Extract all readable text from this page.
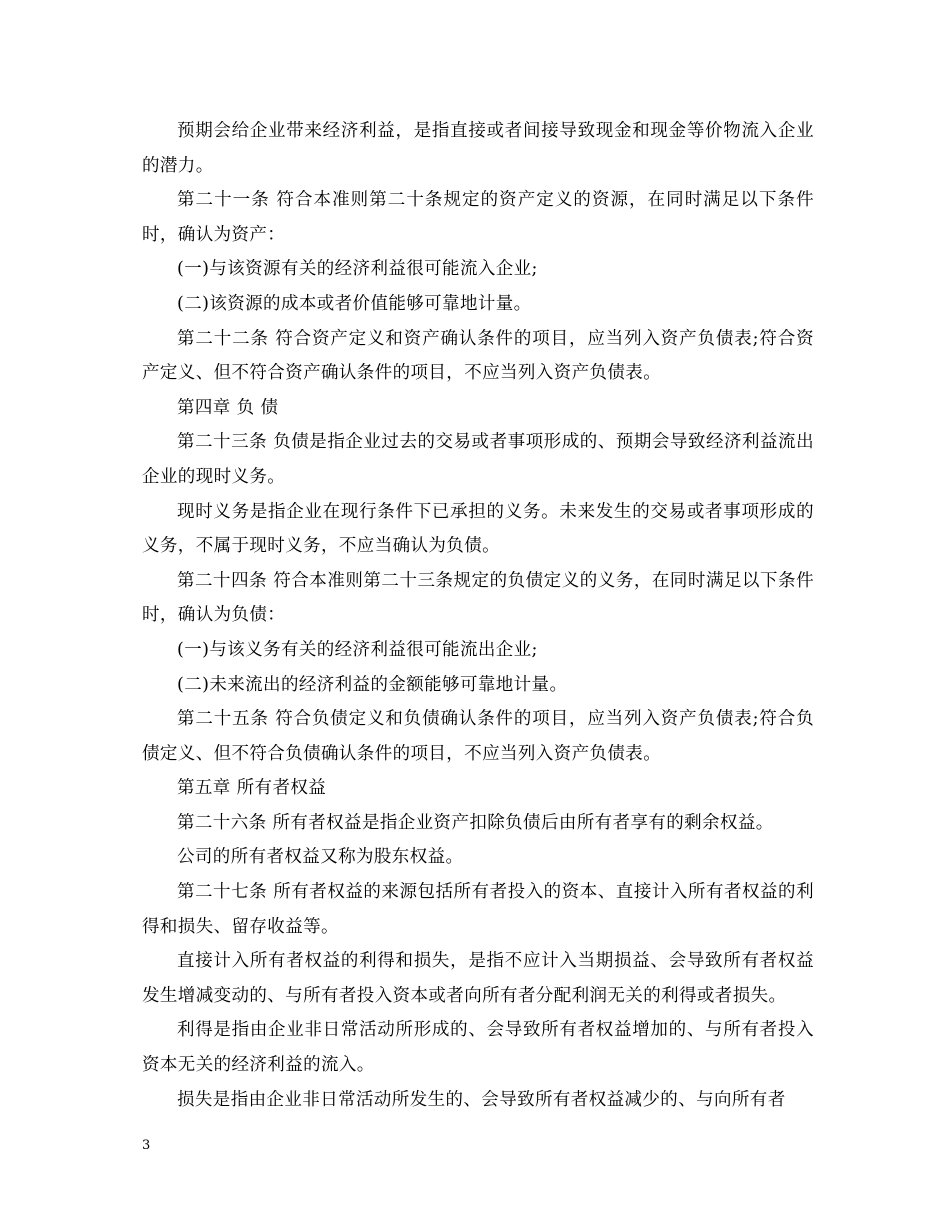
预期会给企业带来经济利益，是指直接或者间接导致现金和现金等价物流入企业的潜力。

第二十一条 符合本准则第二十条规定的资产定义的资源，在同时满足以下条件时，确认为资产：

(一)与该资源有关的经济利益很可能流入企业;

(二)该资源的成本或者价值能够可靠地计量。

第二十二条 符合资产定义和资产确认条件的项目，应当列入资产负债表;符合资产定义、但不符合资产确认条件的项目，不应当列入资产负债表。

第四章 负 债

第二十三条 负债是指企业过去的交易或者事项形成的、预期会导致经济利益流出企业的现时义务。

现时义务是指企业在现行条件下已承担的义务。未来发生的交易或者事项形成的义务，不属于现时义务，不应当确认为负债。

第二十四条 符合本准则第二十三条规定的负债定义的义务，在同时满足以下条件时，确认为负债：

(一)与该义务有关的经济利益很可能流出企业;

(二)未来流出的经济利益的金额能够可靠地计量。

第二十五条 符合负债定义和负债确认条件的项目，应当列入资产负债表;符合负债定义、但不符合负债确认条件的项目，不应当列入资产负债表。

第五章 所有者权益

第二十六条 所有者权益是指企业资产扣除负债后由所有者享有的剩余权益。

公司的所有者权益又称为股东权益。

第二十七条 所有者权益的来源包括所有者投入的资本、直接计入所有者权益的利得和损失、留存收益等。

直接计入所有者权益的利得和损失，是指不应计入当期损益、会导致所有者权益发生增减变动的、与所有者投入资本或者向所有者分配利润无关的利得或者损失。

利得是指由企业非日常活动所形成的、会导致所有者权益增加的、与所有者投入资本无关的经济利益的流入。

损失是指由企业非日常活动所发生的、会导致所有者权益减少的、与向所有者

3
